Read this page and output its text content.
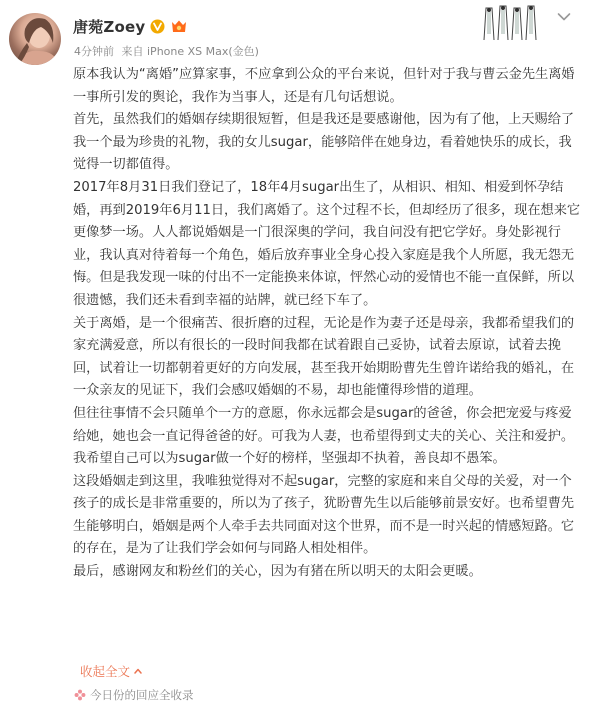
唐菀Zoey
4分钟前 来自 iPhone XS Max(金色)

原本我认为“离婚”应算家事，不应拿到公众的平台来说，但针对于我与曹云金先生离婚一事所引发的舆论，我作为当事人，还是有几句话想说。

首先，虽然我们的婚姻存续期很短暂，但是我还是要感谢他，因为有了他，上天赐给了我一个最为珍贵的礼物，我的女儿sugar，能够陪伴在她身边，看着她快乐的成长，我觉得一切都值得。

2017年8月31日我们登记了，18年4月sugar出生了，从相识、相知、相爱到怀孕结婚，再到2019年6月11日，我们离婚了。这个过程不长，但却经历了很多，现在想来它更像梦一场。人人都说婚姻是一门很深奥的学问，我自问没有把它学好。身处影视行业，我认真对待着每一个角色，婚后放弃事业全身心投入家庭是我个人所愿，我无怨无悔。但是我发现一味的付出不一定能换来体谅，怦然心动的爱情也不能一直保鲜，所以很遗憾，我们还未看到幸福的站牌，就已经下车了。

关于离婚，是一个很痛苦、很折磨的过程，无论是作为妻子还是母亲，我都希望我们的家充满爱意，所以有很长的一段时间我都在试着跟自己妥协，试着去原谅，试着去挽回，试着让一切都朝着更好的方向发展，甚至我开始期盼曹先生曾许诺给我的婚礼，在一众亲友的见证下，我们会感叹婚姻的不易，却也能懂得珍惜的道理。

但往往事情不会只随单个一方的意愿，你永远都会是sugar的爸爸，你会把宠爱与疼爱给她，她也会一直记得爸爸的好。可我为人妻，也希望得到丈夫的关心、关注和爱护。我希望自己可以为sugar做一个好的榜样，坚强却不执着，善良却不愚笨。

这段婚姻走到这里，我唯独觉得对不起sugar，完整的家庭和来自父母的关爱，对一个孩子的成长是非常重要的，所以为了孩子，犹盼曹先生以后能够前景安好。也希望曹先生能够明白，婚姻是两个人牵手去共同面对这个世界，而不是一时兴起的情感短路。它的存在，是为了让我们学会如何与同路人相处相伴。

最后，感谢网友和粉丝们的关心，因为有猪在所以明天的太阳会更暖。

收起全文
今日份的回应全收录
